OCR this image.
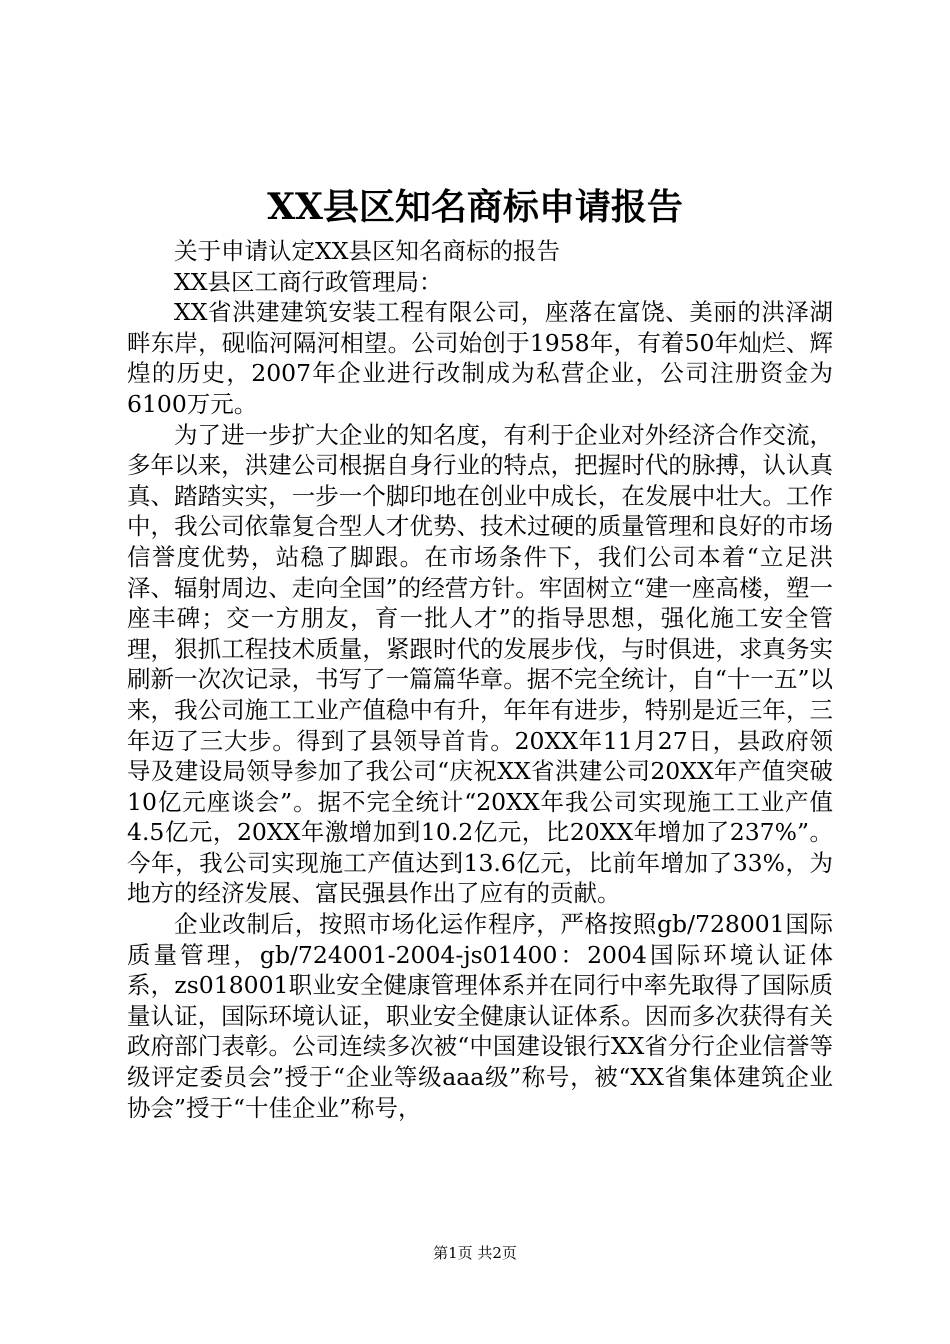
XX县区知名商标申请报告

关于申请认定XX县区知名商标的报告

XX县区工商行政管理局：

XX省洪建建筑安装工程有限公司，座落在富饶、美丽的洪泽湖畔东岸，砚临河隔河相望。公司始创于1958年，有着50年灿烂、辉煌的历史，2007年企业进行改制成为私营企业，公司注册资金为6100万元。

为了进一步扩大企业的知名度，有利于企业对外经济合作交流，多年以来，洪建公司根据自身行业的特点，把握时代的脉搏，认认真真、踏踏实实，一步一个脚印地在创业中成长，在发展中壮大。工作中，我公司依靠复合型人才优势、技术过硬的质量管理和良好的市场信誉度优势，站稳了脚跟。在市场条件下，我们公司本着“立足洪泽、辐射周边、走向全国”的经营方针。牢固树立“建一座高楼，塑一座丰碑；交一方朋友，育一批人才”的指导思想，强化施工安全管理，狠抓工程技术质量，紧跟时代的发展步伐，与时俱进，求真务实刷新一次次记录，书写了一篇篇华章。据不完全统计，自“十一五”以来，我公司施工工业产值稳中有升，年年有进步，特别是近三年，三年迈了三大步。得到了县领导首肯。20XX年11月27日，县政府领导及建设局领导参加了我公司“庆祝XX省洪建公司20XX年产值突破10亿元座谈会”。据不完全统计“20XX年我公司实现施工工业产值4.5亿元，20XX年激增加到10.2亿元，比20XX年增加了237%”。今年，我公司实现施工产值达到13.6亿元，比前年增加了33%，为地方的经济发展、富民强县作出了应有的贡献。

企业改制后，按照市场化运作程序，严格按照gb/728001国际质量管理，gb/724001-2004-js01400：2004国际环境认证体系，zs018001职业安全健康管理体系并在同行中率先取得了国际质量认证，国际环境认证，职业安全健康认证体系。因而多次获得有关政府部门表彰。公司连续多次被“中国建设银行XX省分行企业信誉等级评定委员会”授于“企业等级aaa级”称号，被“XX省集体建筑企业协会”授于“十佳企业”称号，

第1页 共2页
